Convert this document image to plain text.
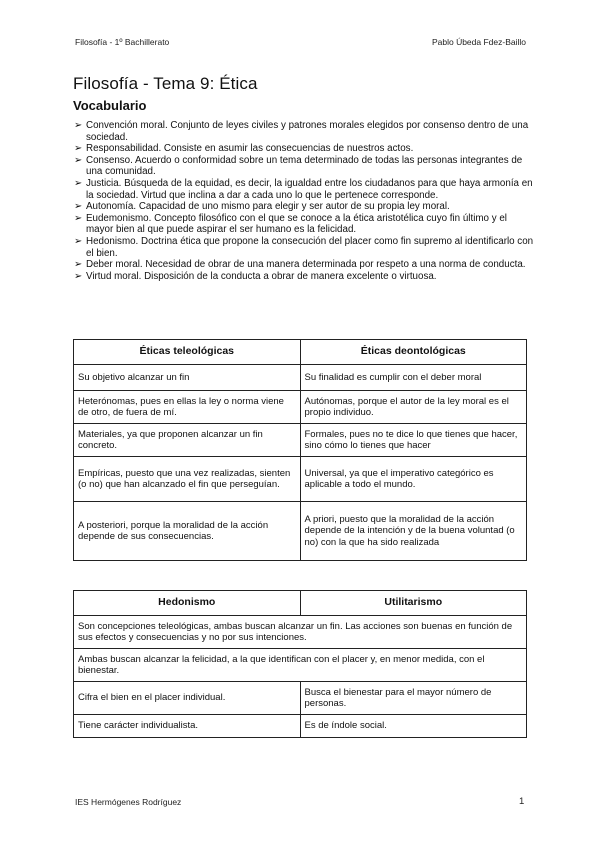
Filosofía - 1º Bachillerato	Pablo Úbeda Fdez-Baillo
Filosofía - Tema 9: Ética
Vocabulario
➢ Convención moral. Conjunto de leyes civiles y patrones morales elegidos por consenso dentro de una sociedad.
➢ Responsabilidad. Consiste en asumir las consecuencias de nuestros actos.
➢ Consenso. Acuerdo o conformidad sobre un tema determinado de todas las personas integrantes de una comunidad.
➢ Justicia. Búsqueda de la equidad, es decir, la igualdad entre los ciudadanos para que haya armonía en la sociedad. Virtud que inclina a dar a cada uno lo que le pertenece corresponde.
➢ Autonomía. Capacidad de uno mismo para elegir y ser autor de su propia ley moral.
➢ Eudemonismo. Concepto filosófico con el que se conoce a la ética aristotélica cuyo fin último y el mayor bien al que puede aspirar el ser humano es la felicidad.
➢ Hedonismo. Doctrina ética que propone la consecución del placer como fin supremo al identificarlo con el bien.
➢ Deber moral. Necesidad de obrar de una manera determinada por respeto a una norma de conducta.
➢ Virtud moral. Disposición de la conducta a obrar de manera excelente o virtuosa.
Éticas teleológicas	Éticas deontológicas
Su objetivo alcanzar un fin	Su finalidad es cumplir con el deber moral
Heterónomas, pues en ellas la ley o norma viene de otro, de fuera de mí.	Autónomas, porque el autor de la ley moral es el propio individuo.
Materiales, ya que proponen alcanzar un fin concreto.	Formales, pues no te dice lo que tienes que hacer, sino cómo lo tienes que hacer
Empíricas, puesto que una vez realizadas, sienten (o no) que han alcanzado el fin que perseguían.	Universal, ya que el imperativo categórico es aplicable a todo el mundo.
A posteriori, porque la moralidad de la acción depende de sus consecuencias.	A priori, puesto que la moralidad de la acción depende de la intención y de la buena voluntad (o no) con la que ha sido realizada
Hedonismo	Utilitarismo
Son concepciones teleológicas, ambas buscan alcanzar un fin. Las acciones son buenas en función de sus efectos y consecuencias y no por sus intenciones.	
Ambas buscan alcanzar la felicidad, a la que identifican con el placer y, en menor medida, con el bienestar.	
Cifra el bien en el placer individual.	Busca el bienestar para el mayor número de personas.
Tiene carácter individualista.	Es de índole social.
IES Hermógenes Rodríguez	1
